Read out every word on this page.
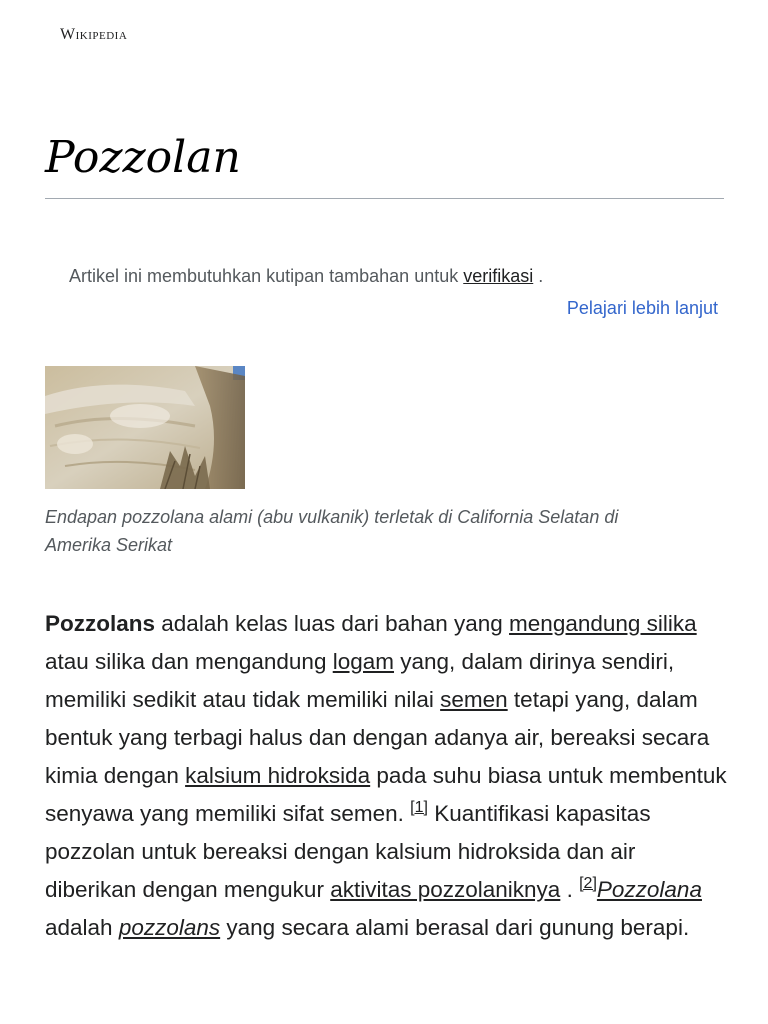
Wikipedia
Pozzolan
Artikel ini membutuhkan kutipan tambahan untuk verifikasi .
Pelajari lebih lanjut
Endapan pozzolana alami (abu vulkanik) terletak di California Selatan di Amerika Serikat

Pozzolans adalah kelas luas dari bahan yang mengandung silika atau silika dan mengandung logam yang, dalam dirinya sendiri, memiliki sedikit atau tidak memiliki nilai semen tetapi yang, dalam bentuk yang terbagi halus dan dengan adanya air, bereaksi secara kimia dengan kalsium hidroksida pada suhu biasa untuk membentuk senyawa yang memiliki sifat semen. [1] Kuantifikasi kapasitas pozzolan untuk bereaksi dengan kalsium hidroksida dan air diberikan dengan mengukur aktivitas pozzolaniknya . [2]Pozzolana adalah pozzolans yang secara alami berasal dari gunung berapi.
